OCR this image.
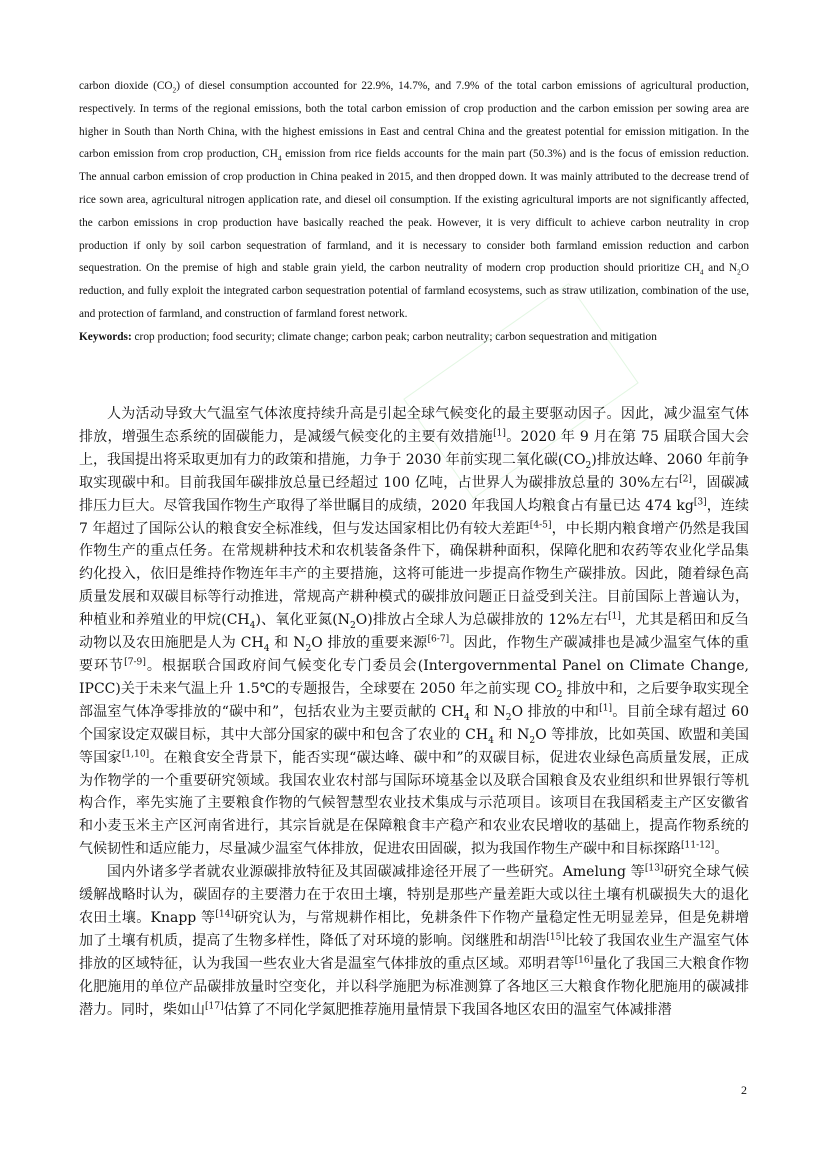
carbon dioxide $(CO_2)$ of diesel consumption accounted for 22.9%, 14.7%, and 7.9% of the total carbon emissions of agricultural production, respectively. In terms of the regional emissions, both the total carbon emission of crop production and the carbon emission per sowing area are higher in South than North China, with the highest emissions in East and central China and the greatest potential for emission mitigation. In the carbon emission from crop production, $CH_4$ emission from rice fields accounts for the main part (50.3%) and is the focus of emission reduction. The annual carbon emission of crop production in China peaked in 2015, and then dropped down. It was mainly attributed to the decrease trend of rice sown area, agricultural nitrogen application rate, and diesel oil consumption. If the existing agricultural imports are not significantly affected, the carbon emissions in crop production have basically reached the peak. However, it is very difficult to achieve carbon neutrality in crop production if only by soil carbon sequestration of farmland, and it is necessary to consider both farmland emission reduction and carbon sequestration. On the premise of high and stable grain yield, the carbon neutrality of modern crop production should prioritize $CH_4$ and $N_2O$ reduction, and fully exploit the integrated carbon sequestration potential of farmland ecosystems, such as straw utilization, combination of the use, and protection of farmland, and construction of farmland forest network.

Keywords: crop production; food security; climate change; carbon peak; carbon neutrality; carbon sequestration and mitigation

人为活动导致大气温室气体浓度持续升高是引起全球气候变化的最主要驱动因子。因此，减少温室气体排放，增强生态系统的固碳能力，是减缓气候变化的主要有效措施[1]。2020 年 9 月在第 75 届联合国大会上，我国提出将采取更加有力的政策和措施，力争于 2030 年前实现二氧化碳$(CO_2)$排放达峰、2060 年前争取实现碳中和。目前我国年碳排放总量已经超过 100 亿吨，占世界人为碳排放总量的 30%左右[2]，固碳减排压力巨大。尽管我国作物生产取得了举世瞩目的成绩，2020 年我国人均粮食占有量已达 474 kg[3]，连续 7 年超过了国际公认的粮食安全标准线，但与发达国家相比仍有较大差距[4-5]，中长期内粮食增产仍然是我国作物生产的重点任务。在常规耕种技术和农机装备条件下，确保耕种面积，保障化肥和农药等农业化学品集约化投入，依旧是维持作物连年丰产的主要措施，这将可能进一步提高作物生产碳排放。因此，随着绿色高质量发展和双碳目标等行动推进，常规高产耕种模式的碳排放问题正日益受到关注。目前国际上普遍认为，种植业和养殖业的甲烷$(CH_4)$、氧化亚氮$(N_2O)$排放占全球人为总碳排放的 12%左右[1]，尤其是稻田和反刍动物以及农田施肥是人为 $CH_4$ 和 $N_2O$ 排放的重要来源[6-7]。因此，作物生产碳减排也是减少温室气体的重要环节[7-9]。根据联合国政府间气候变化专门委员会(Intergovernmental Panel on Climate Change, IPCC)关于未来气温上升 1.5℃的专题报告，全球要在 2050 年之前实现 $CO_2$ 排放中和，之后要争取实现全部温室气体净零排放的“碳中和”，包括农业为主要贡献的 $CH_4$ 和 $N_2O$ 排放的中和[1]。目前全球有超过 60 个国家设定双碳目标，其中大部分国家的碳中和包含了农业的 $CH_4$ 和 $N_2O$ 等排放，比如英国、欧盟和美国等国家[1,10]。在粮食安全背景下，能否实现“碳达峰、碳中和”的双碳目标，促进农业绿色高质量发展，正成为作物学的一个重要研究领域。我国农业农村部与国际环境基金以及联合国粮食及农业组织和世界银行等机构合作，率先实施了主要粮食作物的气候智慧型农业技术集成与示范项目。该项目在我国稻麦主产区安徽省和小麦玉米主产区河南省进行，其宗旨就是在保障粮食丰产稳产和农业农民增收的基础上，提高作物系统的气候韧性和适应能力，尽量减少温室气体排放，促进农田固碳，拟为我国作物生产碳中和目标探路[11-12]。

国内外诸多学者就农业源碳排放特征及其固碳减排途径开展了一些研究。Amelung 等[13]研究全球气候缓解战略时认为，碳固存的主要潜力在于农田土壤，特别是那些产量差距大或以往土壤有机碳损失大的退化农田土壤。Knapp 等[14]研究认为，与常规耕作相比，免耕条件下作物产量稳定性无明显差异，但是免耕增加了土壤有机质，提高了生物多样性，降低了对环境的影响。闵继胜和胡浩[15]比较了我国农业生产温室气体排放的区域特征，认为我国一些农业大省是温室气体排放的重点区域。邓明君等[16]量化了我国三大粮食作物化肥施用的单位产品碳排放量时空变化，并以科学施肥为标准测算了各地区三大粮食作物化肥施用的碳减排潜力。同时，柴如山[17]估算了不同化学氮肥推荐施用量情景下我国各地区农田的温室气体减排潜

2
